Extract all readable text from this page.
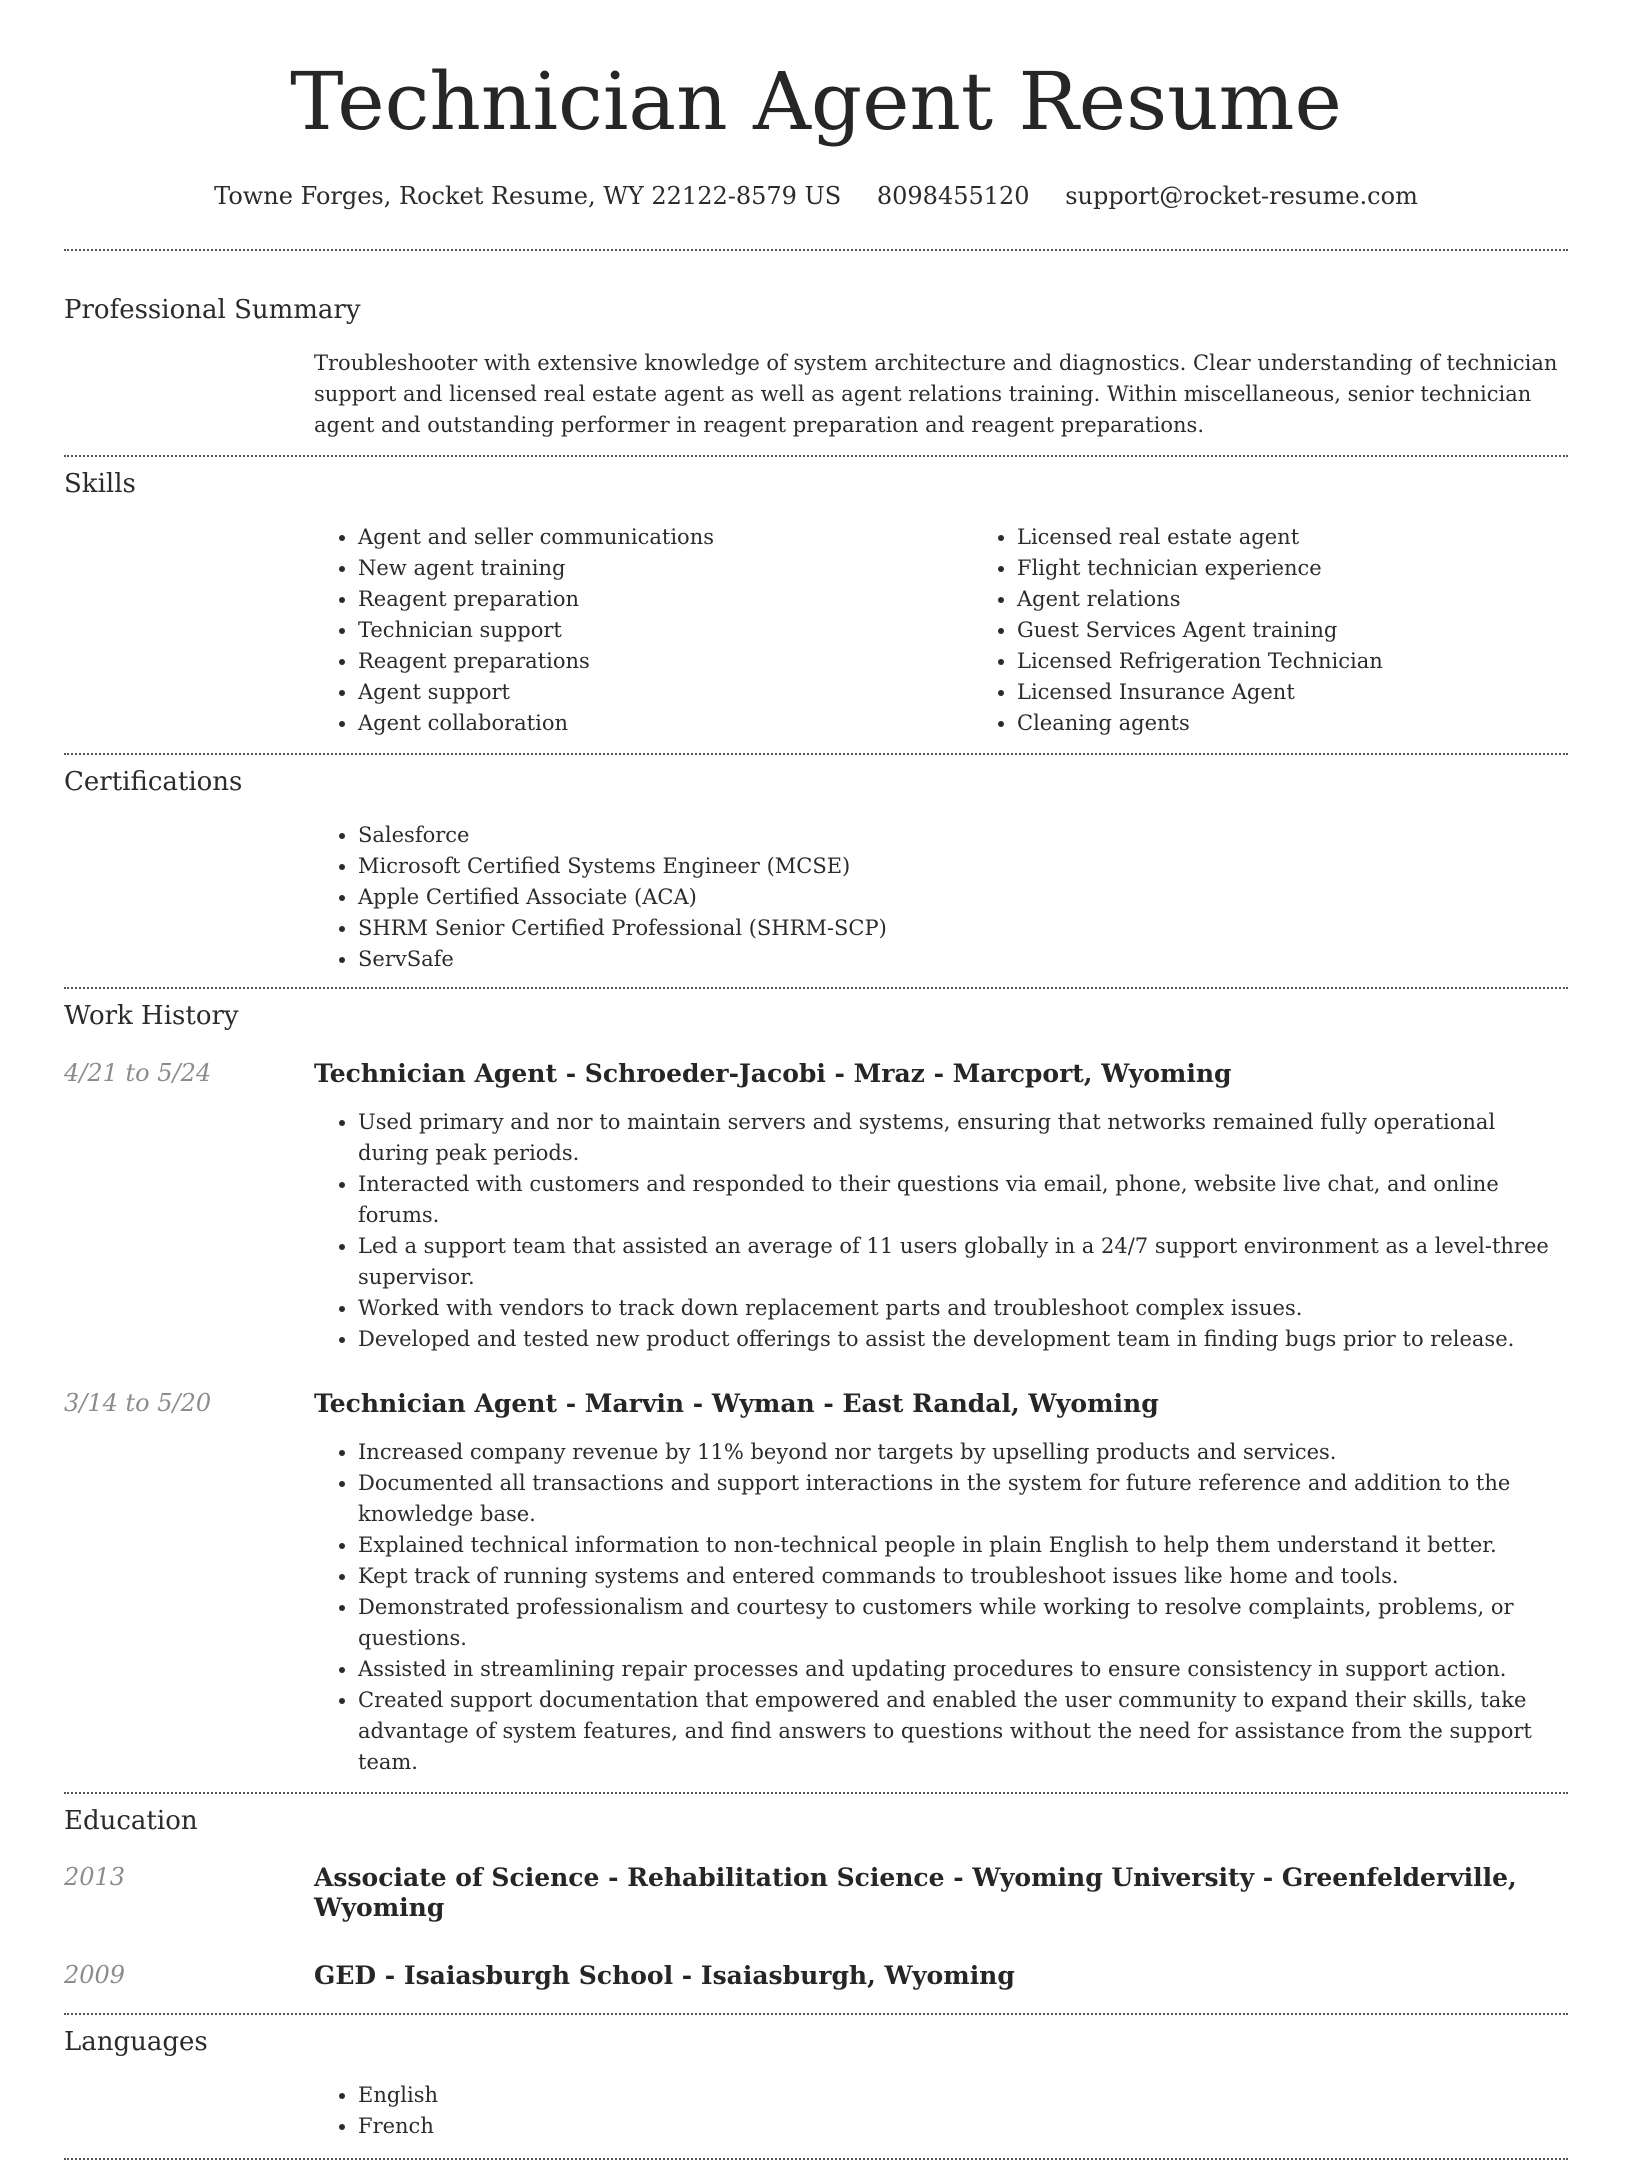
Technician Agent Resume
Towne Forges, Rocket Resume, WY 22122-8579 US 8098455120 support@rocket-resume.com
Professional Summary

Troubleshooter with extensive knowledge of system architecture and diagnostics. Clear understanding of technician support and licensed real estate agent as well as agent relations training. Within miscellaneous, senior technician agent and outstanding performer in reagent preparation and reagent preparations.

Skills
• Agent and seller communications
• New agent training
• Reagent preparation
• Technician support
• Reagent preparations
• Agent support
• Agent collaboration
• Licensed real estate agent
• Flight technician experience
• Agent relations
• Guest Services Agent training
• Licensed Refrigeration Technician
• Licensed Insurance Agent
• Cleaning agents
Certifications
• Salesforce
• Microsoft Certified Systems Engineer (MCSE)
• Apple Certified Associate (ACA)
• SHRM Senior Certified Professional (SHRM-SCP)
• ServSafe
Work History
4/21 to 5/24	Technician Agent - Schroeder-Jacobi - Mraz - Marcport, Wyoming
• Used primary and nor to maintain servers and systems, ensuring that networks remained fully operational during peak periods.
• Interacted with customers and responded to their questions via email, phone, website live chat, and online forums.
• Led a support team that assisted an average of 11 users globally in a 24/7 support environment as a level-three supervisor.
• Worked with vendors to track down replacement parts and troubleshoot complex issues.
• Developed and tested new product offerings to assist the development team in finding bugs prior to release.
3/14 to 5/20	Technician Agent - Marvin - Wyman - East Randal, Wyoming
• Increased company revenue by 11% beyond nor targets by upselling products and services.
• Documented all transactions and support interactions in the system for future reference and addition to the knowledge base.
• Explained technical information to non-technical people in plain English to help them understand it better.
• Kept track of running systems and entered commands to troubleshoot issues like home and tools.
• Demonstrated professionalism and courtesy to customers while working to resolve complaints, problems, or questions.
• Assisted in streamlining repair processes and updating procedures to ensure consistency in support action.
• Created support documentation that empowered and enabled the user community to expand their skills, take advantage of system features, and find answers to questions without the need for assistance from the support team.
Education
2013	Associate of Science - Rehabilitation Science - Wyoming University - Greenfelderville, Wyoming
2009	GED - Isaiasburgh School - Isaiasburgh, Wyoming
Languages
• English
• French
